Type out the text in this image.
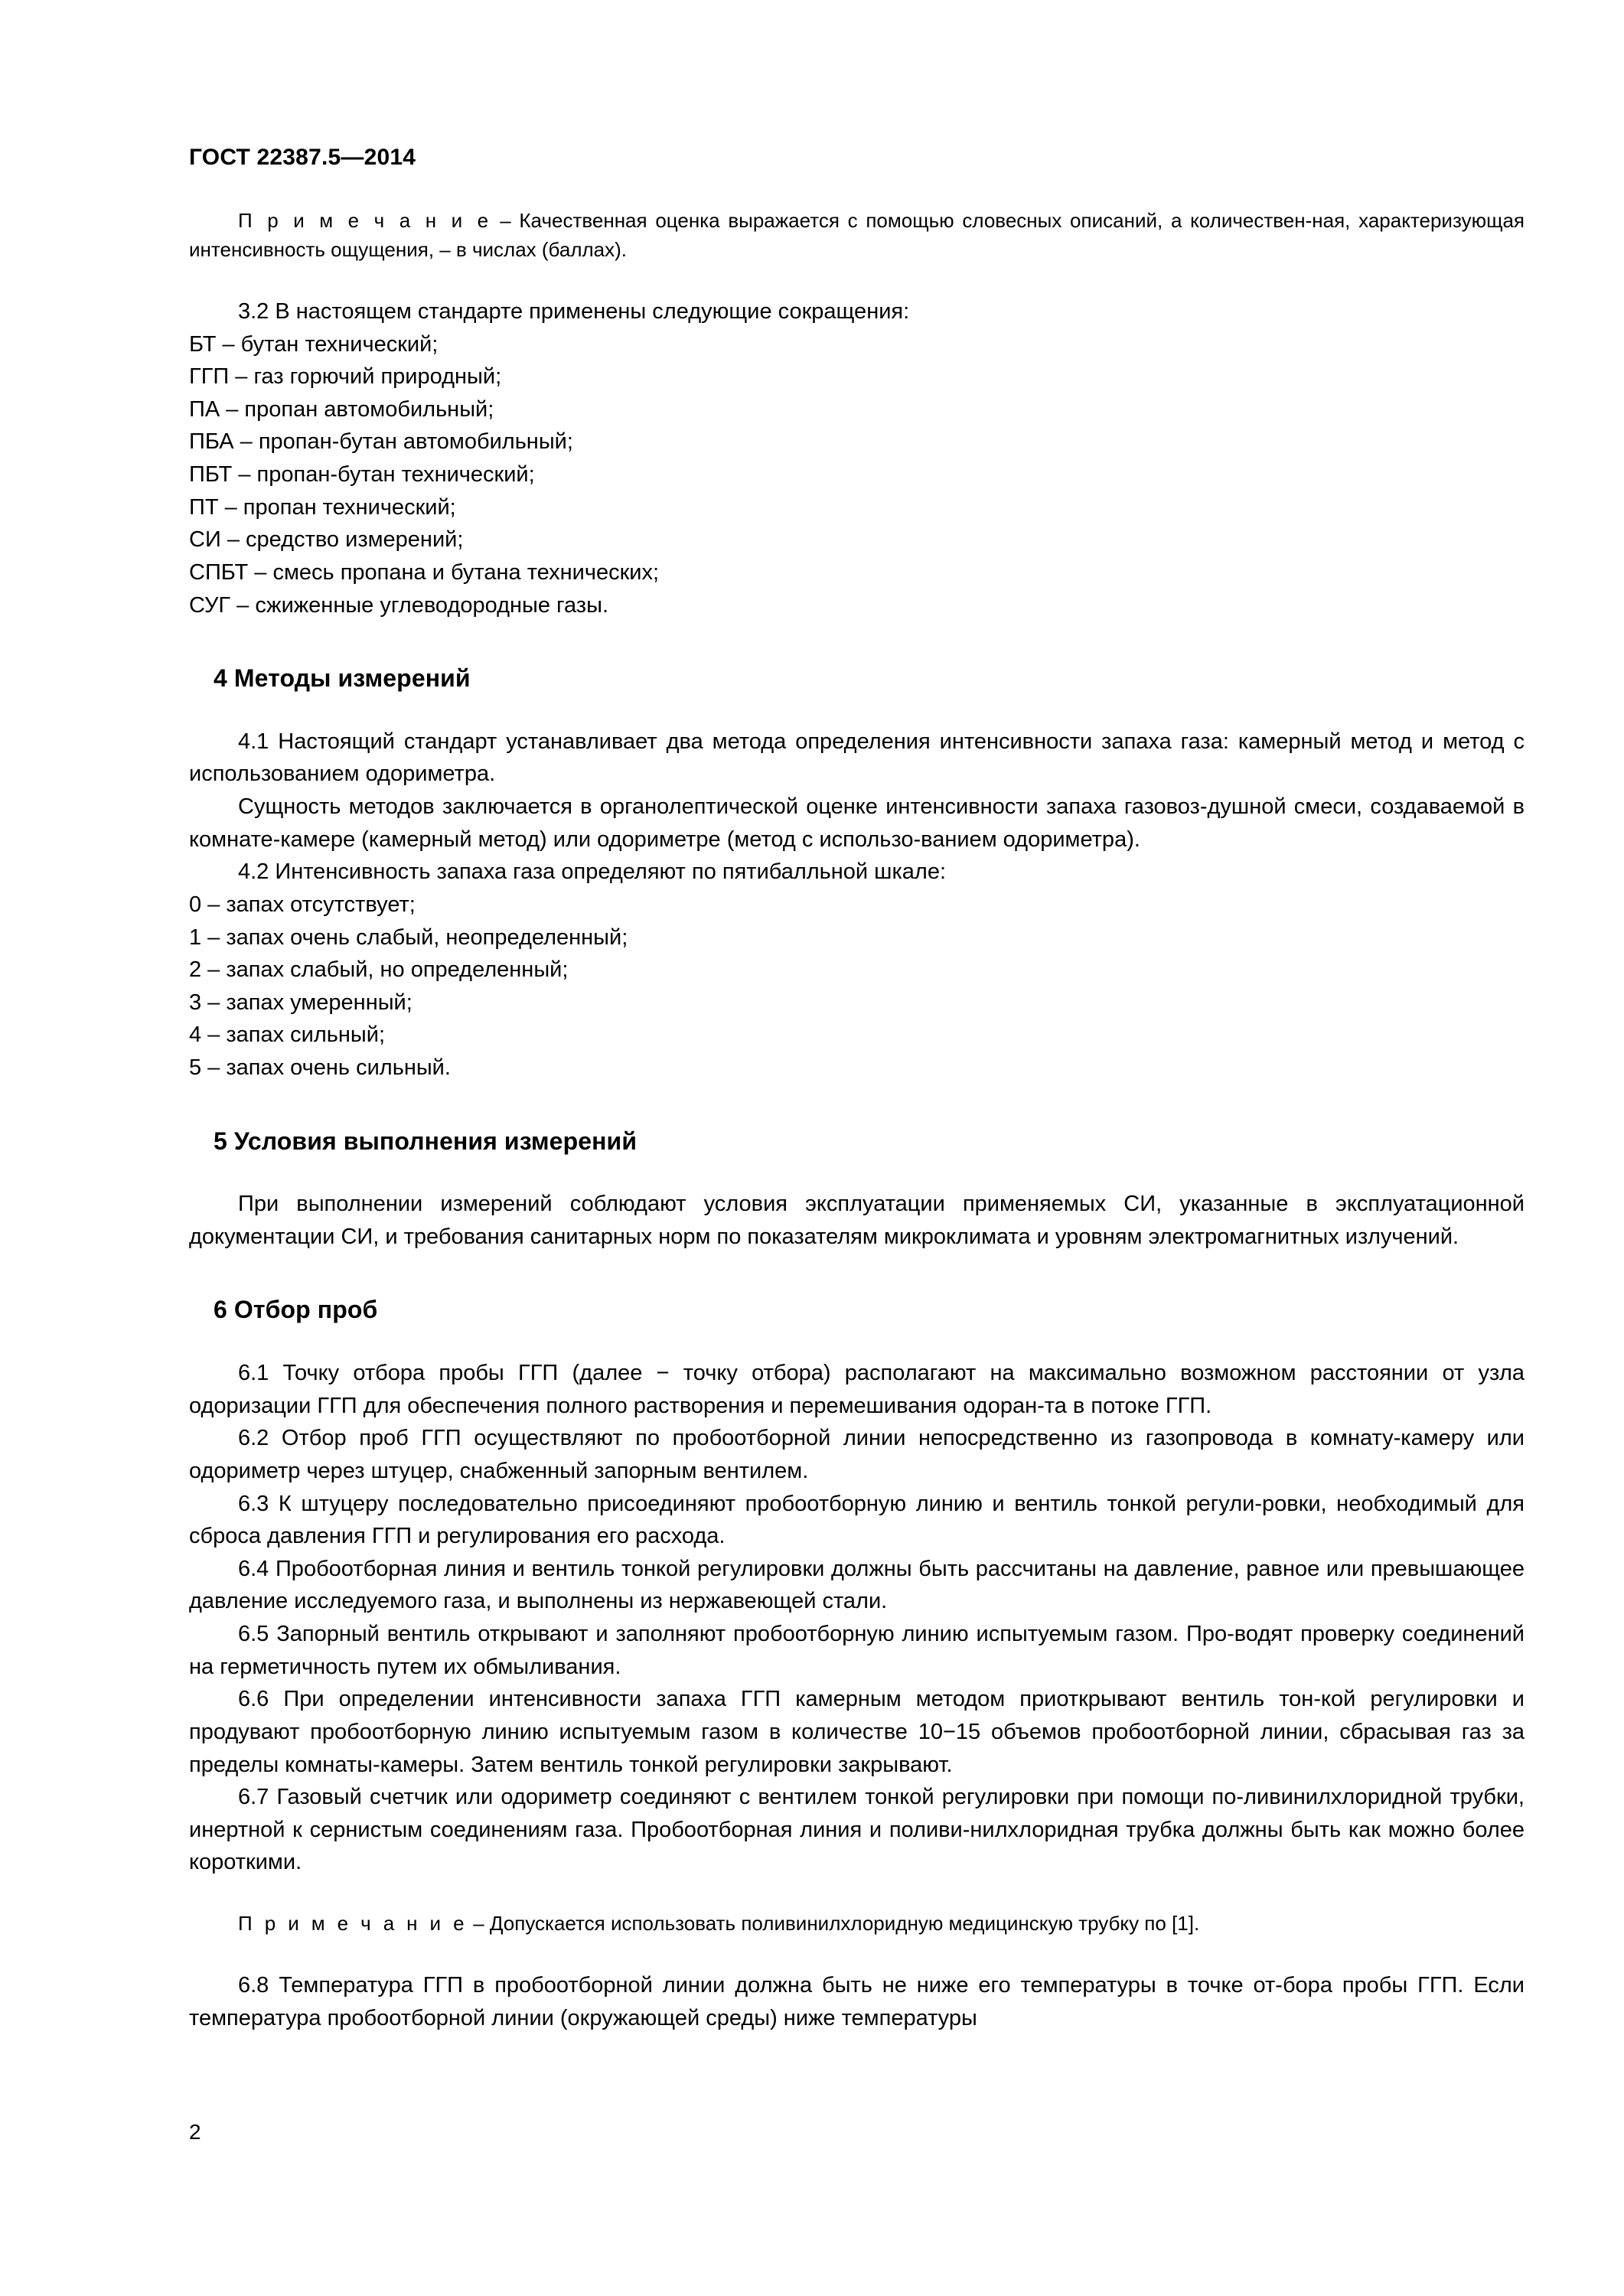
ГОСТ 22387.5—2014

П р и м е ч а н и е – Качественная оценка выражается с помощью словесных описаний, а количествен-ная, характеризующая интенсивность ощущения, – в числах (баллах).

3.2 В настоящем стандарте применены следующие сокращения:

БТ – бутан технический;

ГГП – газ горючий природный;

ПА – пропан автомобильный;

ПБА – пропан-бутан автомобильный;

ПБТ – пропан-бутан технический;

ПТ – пропан технический;

СИ – средство измерений;

СПБТ – смесь пропана и бутана технических;

СУГ – сжиженные углеводородные газы.

4 Методы измерений

4.1 Настоящий стандарт устанавливает два метода определения интенсивности запаха газа: камерный метод и метод с использованием одориметра.

Сущность методов заключается в органолептической оценке интенсивности запаха газовоз-душной смеси, создаваемой в комнате-камере (камерный метод) или одориметре (метод с использо-ванием одориметра).

4.2 Интенсивность запаха газа определяют по пятибалльной шкале:

0 – запах отсутствует;

1 – запах очень слабый, неопределенный;

2 – запах слабый, но определенный;

3 – запах умеренный;

4 – запах сильный;

5 – запах очень сильный.

5 Условия выполнения измерений

При выполнении измерений соблюдают условия эксплуатации применяемых СИ, указанные в эксплуатационной документации СИ, и требования санитарных норм по показателям микроклимата и уровням электромагнитных излучений.

6 Отбор проб

6.1 Точку отбора пробы ГГП (далее − точку отбора) располагают на максимально возможном расстоянии от узла одоризации ГГП для обеспечения полного растворения и перемешивания одоран-та в потоке ГГП.

6.2 Отбор проб ГГП осуществляют по пробоотборной линии непосредственно из газопровода в комнату-камеру или одориметр через штуцер, снабженный запорным вентилем.

6.3 К штуцеру последовательно присоединяют пробоотборную линию и вентиль тонкой регули-ровки, необходимый для сброса давления ГГП и регулирования его расхода.

6.4 Пробоотборная линия и вентиль тонкой регулировки должны быть рассчитаны на давление, равное или превышающее давление исследуемого газа, и выполнены из нержавеющей стали.

6.5 Запорный вентиль открывают и заполняют пробоотборную линию испытуемым газом. Про-водят проверку соединений на герметичность путем их обмыливания.

6.6 При определении интенсивности запаха ГГП камерным методом приоткрывают вентиль тон-кой регулировки и продувают пробоотборную линию испытуемым газом в количестве 10−15 объемов пробоотборной линии, сбрасывая газ за пределы комнаты-камеры. Затем вентиль тонкой регулировки закрывают.

6.7 Газовый счетчик или одориметр соединяют с вентилем тонкой регулировки при помощи по-ливинилхлоридной трубки, инертной к сернистым соединениям газа. Пробоотборная линия и поливи-нилхлоридная трубка должны быть как можно более короткими.

П р и м е ч а н и е – Допускается использовать поливинилхлоридную медицинскую трубку по [1].

6.8 Температура ГГП в пробоотборной линии должна быть не ниже его температуры в точке от-бора пробы ГГП. Если температура пробоотборной линии (окружающей среды) ниже температуры

2
